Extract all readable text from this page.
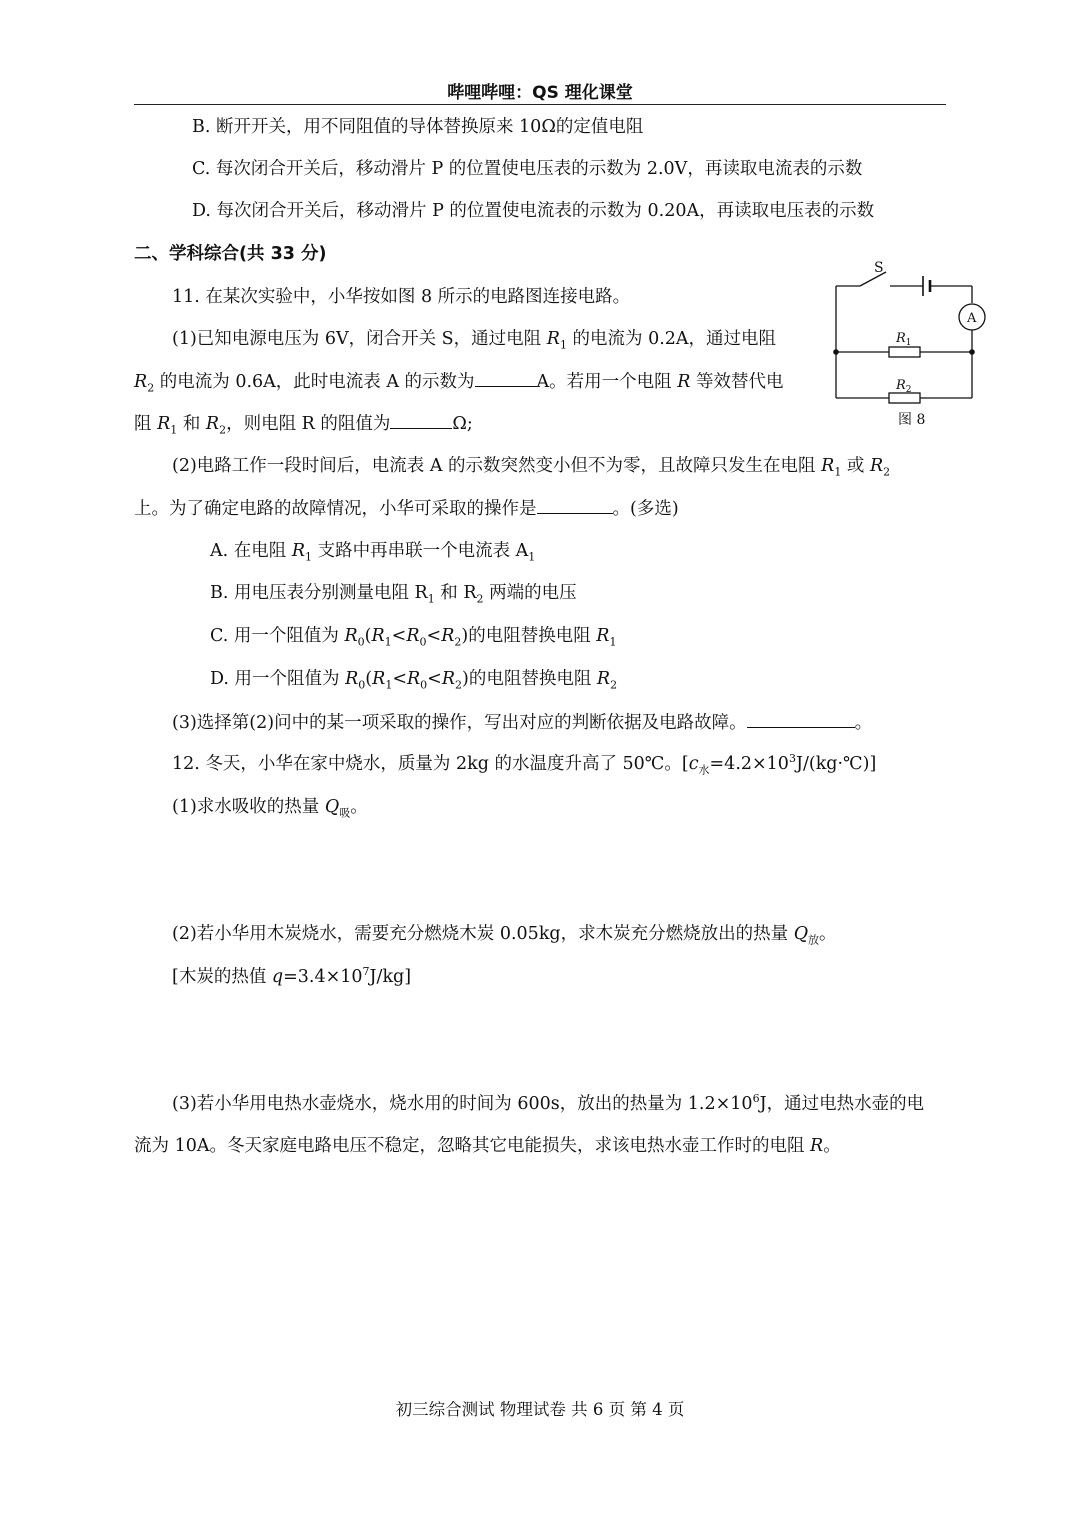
哔哩哔哩：QS 理化课堂
B. 断开开关，用不同阻值的导体替换原来 10Ω的定值电阻
C. 每次闭合开关后，移动滑片 P 的位置使电压表的示数为 2.0V，再读取电流表的示数
D. 每次闭合开关后，移动滑片 P 的位置使电流表的示数为 0.20A，再读取电压表的示数
二、学科综合(共 33 分)
11. 在某次实验中，小华按如图 8 所示的电路图连接电路。
(1)已知电源电压为 6V，闭合开关 S，通过电阻 $R_1$ 的电流为 0.2A，通过电阻
$R_2$ 的电流为 0.6A，此时电流表 A 的示数为	A。若用一个电阻 R 等效替代电
阻 $R_1$ 和 $R_2$，则电阻 R 的阻值为	Ω;
(2)电路工作一段时间后，电流表 A 的示数突然变小但不为零，且故障只发生在电阻 $R_1$ 或 $R_2$
上。为了确定电路的故障情况，小华可采取的操作是	。(多选)
A. 在电阻 $R_1$ 支路中再串联一个电流表 $A_1$
B. 用电压表分别测量电阻 $R_1$ 和 $R_2$ 两端的电压
C. 用一个阻值为 $R_0(R_1<R_0<R_2)$的电阻替换电阻 $R_1$
D. 用一个阻值为 $R_0(R_1<R_0<R_2)$的电阻替换电阻 $R_2$
(3)选择第(2)问中的某一项采取的操作，写出对应的判断依据及电路故障。	。
12. 冬天，小华在家中烧水，质量为 2kg 的水温度升高了 50℃。$[c_水=4.2\times 10^3J/(kg\cdot℃)]$
(1)求水吸收的热量 $Q_吸$。
(2)若小华用木炭烧水，需要充分燃烧木炭 0.05kg，求木炭充分燃烧放出的热量 $Q_放$。
[木炭的热值 $q=3.4\times 10^7J/kg$]
(3)若小华用电热水壶烧水，烧水用的时间为 600s，放出的热量为 $1.2\times 10^6J$，通过电热水壶的电
流为 10A。冬天家庭电路电压不稳定，忽略其它电能损失，求该电热水壶工作时的电阻 R。
S
A
$R_1$
$R_2$
图 8
初三综合测试 物理试卷 共 6 页 第 4 页
